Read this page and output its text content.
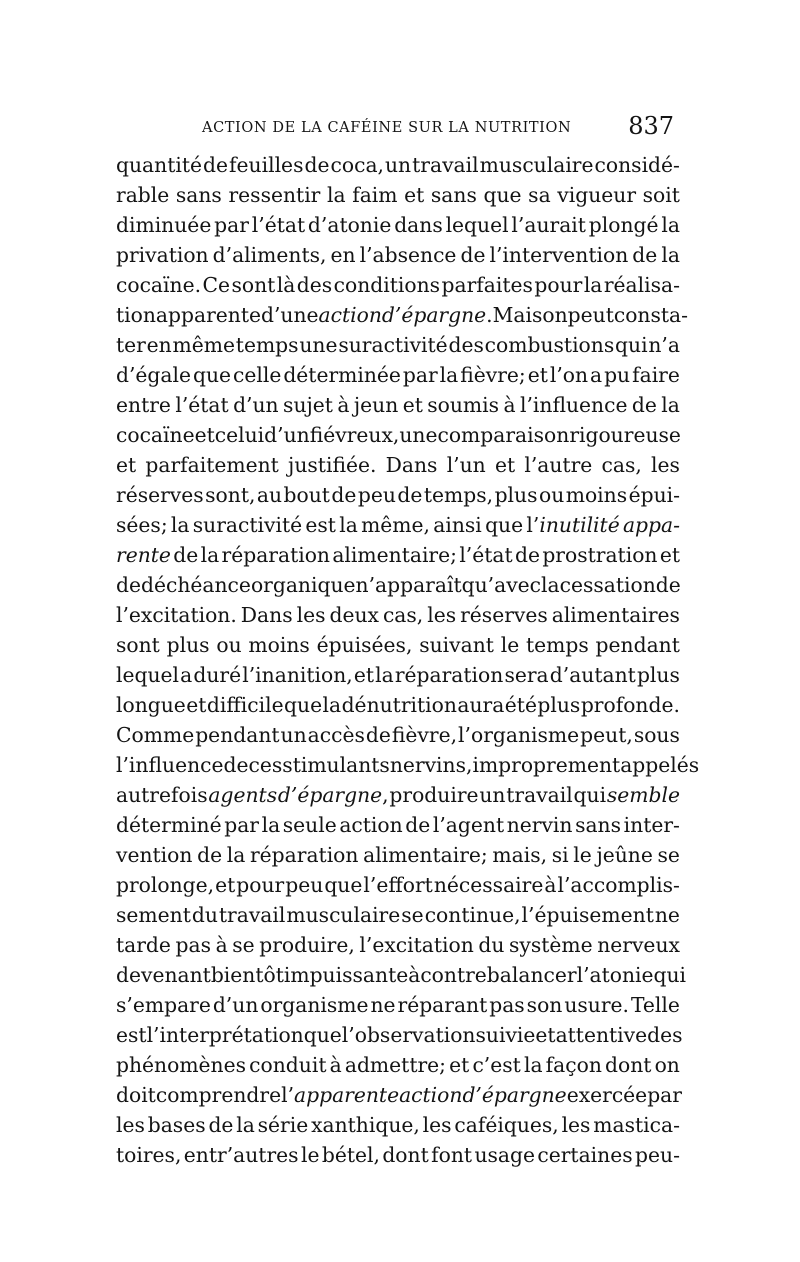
ACTION DE LA CAFÉINE SUR LA NUTRITION 837
quantité de feuilles de coca, un travail musculaire considé-
rable sans ressentir la faim et sans que sa vigueur soit
diminuée par l’état d’atonie dans lequel l’aurait plongé la
privation d’aliments, en l’absence de l’intervention de la
cocaïne. Ce sont là des conditions parfaites pour la réalisa-
tion apparente d’une action d’épargne. Mais on peut consta-
ter en même temps une suractivité des combustions qui n’a
d’égale que celle déterminée par la fièvre; et l’on a pu faire
entre l’état d’un sujet à jeun et soumis à l’influence de la
cocaïne et celui d’un fiévreux, une comparaison rigoureuse
et parfaitement justifiée. Dans l’un et l’autre cas, les
réserves sont, au bout de peu de temps, plus ou moins épui-
sées; la suractivité est la même, ainsi que l’inutilité appa-
rente de la réparation alimentaire; l’état de prostration et
de déchéance organique n’apparaît qu’avec la cessation de
l’excitation. Dans les deux cas, les réserves alimentaires
sont plus ou moins épuisées, suivant le temps pendant
lequel a duré l’inanition, et la réparation sera d’autant plus
longue et difficile que la dénutrition aura été plus profonde.
Comme pendant un accès de fièvre, l’organisme peut, sous
l’influence de ces stimulants nervins, improprement appelés
autrefois agents d’épargne, produire un travail qui semble
déterminé par la seule action de l’agent nervin sans inter-
vention de la réparation alimentaire; mais, si le jeûne se
prolonge, et pour peu que l’effort nécessaire à l’accomplis-
sement du travail musculaire se continue, l’épuisement ne
tarde pas à se produire, l’excitation du système nerveux
devenant bientôt impuissante à contrebalancer l’atonie qui
s’empare d’un organisme ne réparant pas son usure. Telle
est l’interprétation que l’observation suivie et attentive des
phénomènes conduit à admettre; et c’est la façon dont on
doit comprendre l’apparente action d’épargne exercée par
les bases de la série xanthique, les caféiques, les mastica-
toires, entr’autres le bétel, dont font usage certaines peu-
